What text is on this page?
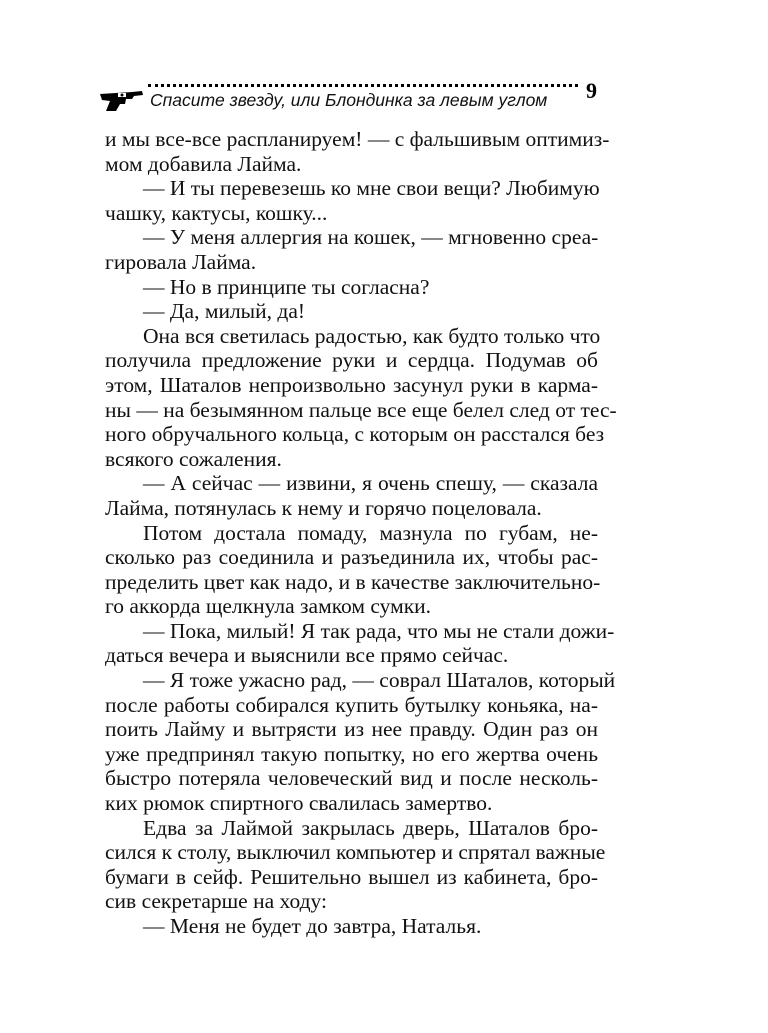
Спасите звезду, или Блондинка за левым углом 9
и мы все-все распланируем! — с фальшивым оптимиз-
мом добавила Лайма.
— И ты перевезешь ко мне свои вещи? Любимую
чашку, кактусы, кошку...
— У меня аллергия на кошек, — мгновенно среа-
гировала Лайма.
— Но в принципе ты согласна?
— Да, милый, да!
Она вся светилась радостью, как будто только что
получила предложение руки и сердца. Подумав об
этом, Шаталов непроизвольно засунул руки в карма-
ны — на безымянном пальце все еще белел след от тес-
ного обручального кольца, с которым он расстался без
всякого сожаления.
— А сейчас — извини, я очень спешу, — сказала
Лайма, потянулась к нему и горячо поцеловала.
Потом достала помаду, мазнула по губам, не-
сколько раз соединила и разъединила их, чтобы рас-
пределить цвет как надо, и в качестве заключительно-
го аккорда щелкнула замком сумки.
— Пока, милый! Я так рада, что мы не стали дожи-
даться вечера и выяснили все прямо сейчас.
— Я тоже ужасно рад, — соврал Шаталов, который
после работы собирался купить бутылку коньяка, на-
поить Лайму и вытрясти из нее правду. Один раз он
уже предпринял такую попытку, но его жертва очень
быстро потеряла человеческий вид и после несколь-
ких рюмок спиртного свалилась замертво.
Едва за Лаймой закрылась дверь, Шаталов бро-
сился к столу, выключил компьютер и спрятал важные
бумаги в сейф. Решительно вышел из кабинета, бро-
сив секретарше на ходу:
— Меня не будет до завтра, Наталья.
